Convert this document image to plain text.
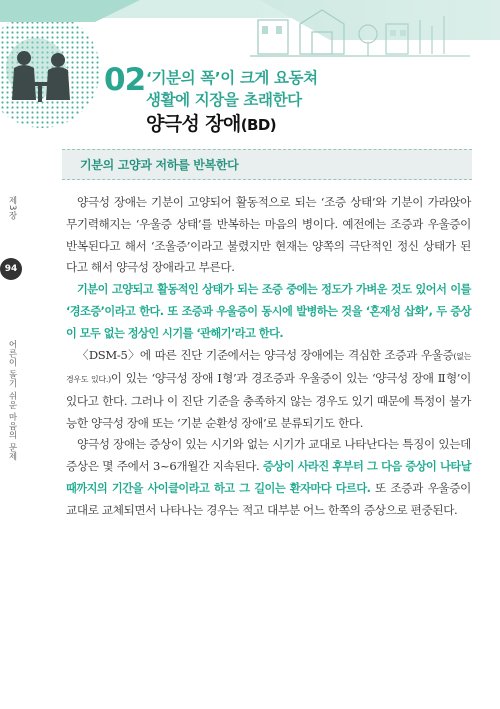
02 ‘기분의 폭’이 크게 요동쳐
생활에 지장을 초래한다
양극성 장애(BD)
기분의 고양과 저하를 반복한다
제3장
94
어른이 돌기 쉬운 마음의 문제

양극성 장애는 기분이 고양되어 활동적으로 되는 ‘조증 상태’와 기분이 가라앉아 무기력해지는 ‘우울증 상태’를 반복하는 마음의 병이다. 예전에는 조증과 우울증이 반복된다고 해서 ‘조울증’이라고 불렸지만 현재는 양쪽의 극단적인 정신 상태가 된다고 해서 양극성 장애라고 부른다.

기분이 고양되고 활동적인 상태가 되는 조증 중에는 정도가 가벼운 것도 있어서 이를 ‘경조증’이라고 한다. 또 조증과 우울증이 동시에 발병하는 것을 ‘혼재성 삽화’, 두 증상이 모두 없는 정상인 시기를 ‘관해기’라고 한다.

〈DSM-5〉에 따른 진단 기준에서는 양극성 장애에는 격심한 조증과 우울증(없는 경우도 있다.)이 있는 ‘양극성 장애 Ⅰ형’과 경조증과 우울증이 있는 ‘양극성 장애 Ⅱ형’이 있다고 한다. 그러나 이 진단 기준을 충족하지 않는 경우도 있기 때문에 특정이 불가능한 양극성 장애 또는 ‘기분 순환성 장애’로 분류되기도 한다.

양극성 장애는 증상이 있는 시기와 없는 시기가 교대로 나타난다는 특징이 있는데 증상은 몇 주에서 3~6개월간 지속된다. 증상이 사라진 후부터 그 다음 증상이 나타날 때까지의 기간을 사이클이라고 하고 그 길이는 환자마다 다르다. 또 조증과 우울증이 교대로 교체되면서 나타나는 경우는 적고 대부분 어느 한쪽의 증상으로 편중된다.
